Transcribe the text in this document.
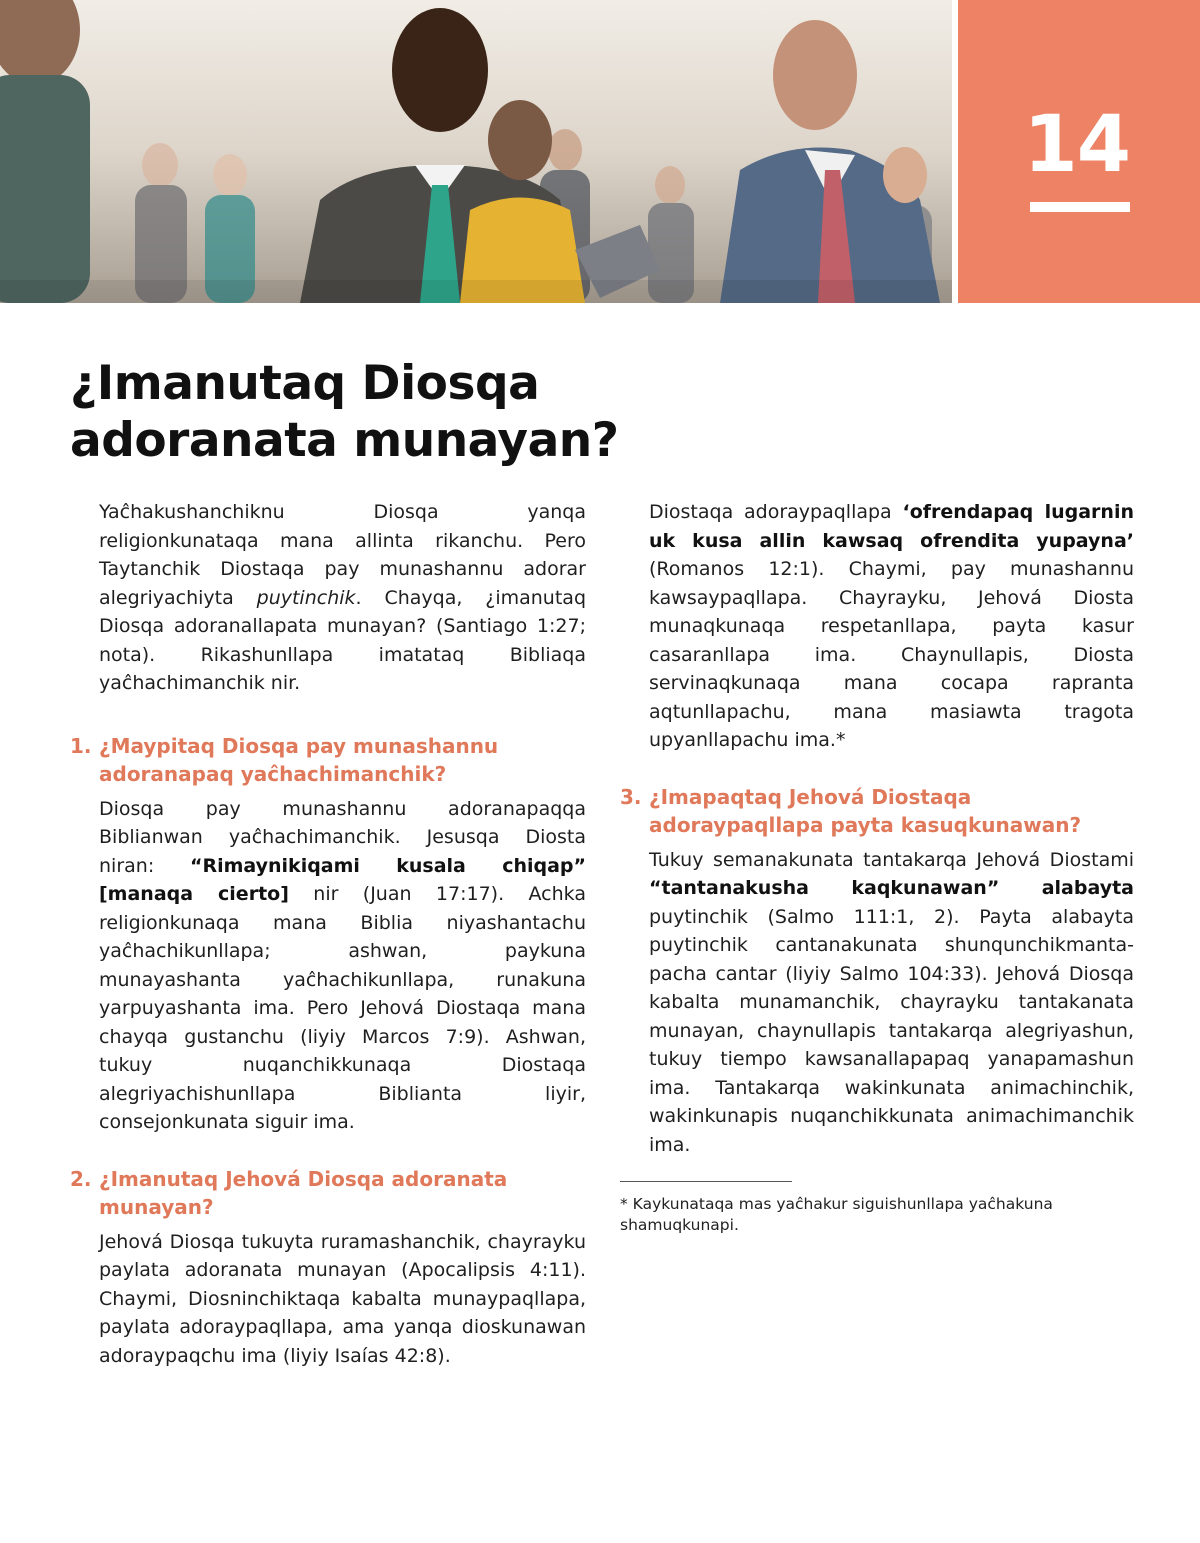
14
¿Imanutaq Diosqa adoranata munayan?

Yaĉhakushanchiknu Diosqa yanqa religionkunataqa mana allinta rikanchu. Pero Taytanchik Diostaqa pay munashannu adorar alegriyachiyta puytinchik. Chayqa, ¿imanutaq Diosqa adoranallapata munayan? (Santiago 1:27; nota). Rikashunllapa imatataq Bibliaqa yaĉhachimanchik nir.

1. ¿Maypitaq Diosqa pay munashannu adoranapaq yaĉhachimanchik?

Diosqa pay munashannu adoranapaqqa Biblianwan yaĉhachimanchik. Jesusqa Diosta niran: “Rimaynikiqami kusala chiqap” [manaqa cierto] nir (Juan 17:17). Achka religionkunaqa mana Biblia niyashantachu yaĉhachikunllapa; ashwan, paykuna munayashanta yaĉhachikunllapa, runakuna yarpuyashanta ima. Pero Jehová Diostaqa mana chayqa gustanchu (liyiy Marcos 7:9). Ashwan, tukuy nuqanchikkunaqa Diostaqa alegriyachishunllapa Biblianta liyir, consejonkunata siguir ima.

2. ¿Imanutaq Jehová Diosqa adoranata munayan?

Jehová Diosqa tukuyta ruramashanchik, chayrayku paylata adoranata munayan (Apocalipsis 4:11). Chaymi, Diosninchiktaqa kabalta munaypaqllapa, paylata adoraypaqllapa, ama yanqa dioskunawan adoraypaqchu ima (liyiy Isaías 42:8).

Diostaqa adoraypaqllapa ‘ofrendapaq lugarnin uk kusa allin kawsaq ofrendita yupayna’ (Romanos 12:1). Chaymi, pay munashannu kawsaypaqllapa. Chayrayku, Jehová Diosta munaqkunaqa respetanllapa, payta kasur casaranllapa ima. Chaynullapis, Diosta servinaqkunaqa mana cocapa rapranta aqtunllapachu, mana masiawta tragota upyanllapachu ima.*

3. ¿Imapaqtaq Jehová Diostaqa adoraypaqllapa payta kasuqkunawan?

Tukuy semanakunata tantakarqa Jehová Diostami “tantanakusha kaqkunawan” alabayta puytinchik (Salmo 111:1, 2). Payta alabayta puytinchik cantanakunata shunqunchikmanta-pacha cantar (liyiy Salmo 104:33). Jehová Diosqa kabalta munamanchik, chayrayku tantakanata munayan, chaynullapis tantakarqa alegriyashun, tukuy tiempo kawsanallapapaq yanapamashun ima. Tantakarqa wakinkunata animachinchik, wakinkunapis nuqanchikkunata animachimanchik ima.

* Kaykunataqa mas yaĉhakur siguishunllapa yaĉhakuna shamuqkunapi.
